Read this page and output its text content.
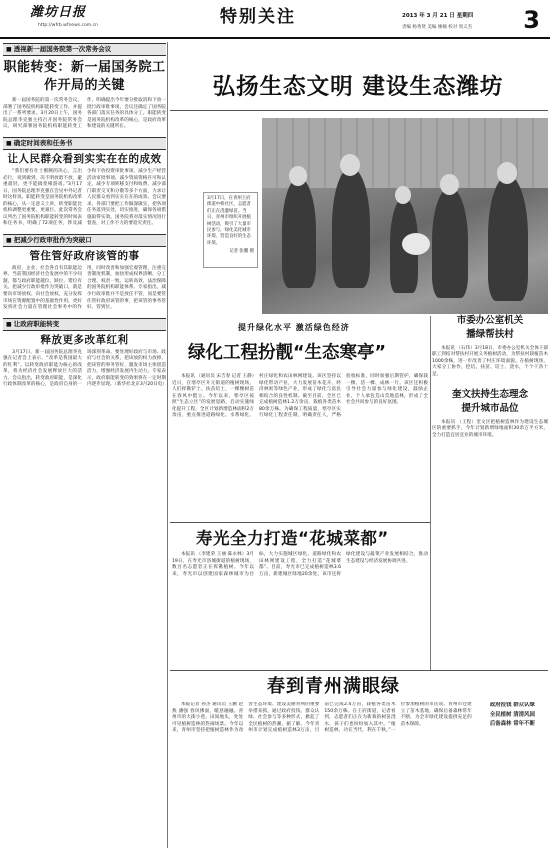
潍坊日报
http://wfrb.wfnews.com.cn	特别关注	2013 年 3 月 21 日 星期四 3
责编 杨秀贤 美编 刚楠 校对 周义杰
■ 透视新一届国务院第一次常务会议
职能转变：新一届国务院工作开局的关键
新一届国务院的第一次常务会议，部署了国务院机构职能转变工作，并提出了一系列要求。3月20日上午，国务院总理李克强主持召开国务院常务会议，研究部署国务院机构职能转变工作，明确提出今年要分批取消和下放一批行政审批事项，会议还确定了国务院各部门落实任务的具体分工。职能转变是国务院机构改革的核心，是政府改革和建设的关键所在。
■ 确定时间表和任务书
让人民群众看到实实在在的成效
“我们要有壮士断腕的决心，言出必行，说到做到，决不明放暗不放，避重就轻，更不能搞变相游戏。”3月17日，国务院总理李克强在会见中外记者时这样说。职能转变是国务院机构改革的核心，从一定意义上讲，转变职能比机构调整更重要、更艰巨。此次常务会议列出了国务院机构职能转变的时间表和任务书，明确了72项任务，涉及减少和下放投资审批事项、减少生产经营活动审批事项、减少资质资格许可和认定、减少专项转移支付和收费、减少部门职责交叉和分散等多个方面，力求让人民群众看到实实在在的成效。会议要求，各部门要把工作做深做实，把各项任务落到实处，切实推进，确保各项措施取得实效。国务院将对落实情况进行督查，对工作不力的要追究责任。
■ 把减少行政审批作为突破口
管住管好政府该管的事
政府，企业，社会各自有其职能边界。当前我国经济社会发展中的不少问题，都与政府职能越位、缺位、错位有关。把减少行政审批作为突破口，就是要向市场放权、向社会放权，充分发挥市场在资源配置中的基础性作用，更好发挥社会力量在管理社会事务中的作用，同时改善和加强宏观管理，注重完善制度机制，加快形成权界清晰、分工合理、权责一致、运转高效、法治保障的国务院机构职能体系。专家指出，减少行政审批并不是放任不管，而是要管住管好政府该管的事，把该管的事务管好、管到位。
■ 让政府职能转变
释放更多改革红利
3月17日，新一届国务院总理李克强在记者会上表示，“改革是我国最大的红利”。以转变政府职能为核心的改革，将为经济社会发展释放巨大的活力。会议指出，转变政府职能，是深化行政体制改革的核心，是政府自身的一场深刻革命。要处理好政府与市场、政府与社会的关系，把该放的权力放掉，把该管的事务管好，激发市场主体创造活力，增强经济发展内生动力。专家表示，政府职能转变的效果将在一定时期内逐步显现。（新华社北京3月20日电）
弘扬生态文明 建设生态潍坊
3月17日，在青州王府街道中桥社区，志愿者们正在浇灌绿苗。当日，青州市组织开展植树活动，吸引了大量市民参与，绿化美化城市环境，营造良好的生态环境。
记者 张鹏 摄
提升绿化水平 激活绿色经济
绿化工程扮靓“生态寒亭”
本报讯 （通讯员 宋吉春 记者 王静）近日，在寒亭区开元街道的植树现场，人们挥锹铲土、扶苗培土，一棵棵树苗在春风中挺立。今年以来，寒亭区按照“生态立区”的发展思路，启动实施绿化提升工程，全区计划新增造林面积2万余亩，重点推进道路绿化、水系绿化、村庄绿化和农田林网建设。该区坚持以绿化带动产业，大力发展苗木花卉、经济林果等绿色产业，形成了绿化与富民相结合的良性机制。截至目前，全区已完成植树造林1.2万余亩，栽植各类苗木80余万株。为确保工程质量，寒亭区实行绿化工程责任制，明确责任人，严格验收标准，同时加强后期管护，确保栽一棵、活一棵、成林一片。该区还积极引导社会力量参与绿化建设，鼓励企业、个人承包荒山荒地造林，形成了全社会共同参与的良好氛围。
市委办公室机关
播绿帮扶村
本报讯 （石伟）3月18日，市委办公室机关全体干部职工到结对帮扶村开展义务植树活动，为帮扶村栽植苗木1000余株，进一步改善了村庄环境面貌。在植树现场，大家分工协作，挖坑、扶苗、培土、浇水，个个干劲十足。
奎文扶持生态理念
提升城市品位
本报讯 （王程）奎文区把植树造林作为建设生态城区的重要抓手，今年计划新增绿地面积30余万平方米，全力打造宜居宜业的城市环境。
寿光全力打造“花城菜都”
本报讯 （李建荣 王丽 陈永林）3月19日，在寿光市洛城街道的植树现场，数百名志愿者正在挥锹植树。今年以来，寿光市以创建国家森林城市为目标，大力实施城区绿化、道路绿化和农田林网建设工程，全力打造“花城菜都”。目前，寿光市已完成植树造林3.6万亩，新建城区绿地20余处。该市还将绿化建设与蔬菜产业发展相结合，推动生态建设与经济发展协调共进。
春到青州满眼绿
本报记者 孙杰 通讯员 王鹏 赵燕 潘强 春风拂面，暖意融融。青州市的大街小巷、田间地头，处处可见植树造林的热闹场景。今年以来，青州市坚持把植树造林作为改善生态环境、建设美丽青州的重要举措来抓，通过政府投钱、群众认绿、社会参与等多种形式，掀起了全民植树的热潮。据了解，今年青州市计划完成植树造林3万亩，目前已完成2.4万亩，栽植各类苗木150余万株。在王府街道，记者看到，志愿者们正在为新栽的树苗浇水，孩子们也纷纷加入其中。“植树造林，功在当代，利在千秋。”一位参加植树的市民说。青州市还建立了苗木基地，确保后备森林常年不断，为全市绿化建设提供充足的苗木保障。
政府投钱 群众认绿
全民植树 清清风园
后备森林 常年不断
